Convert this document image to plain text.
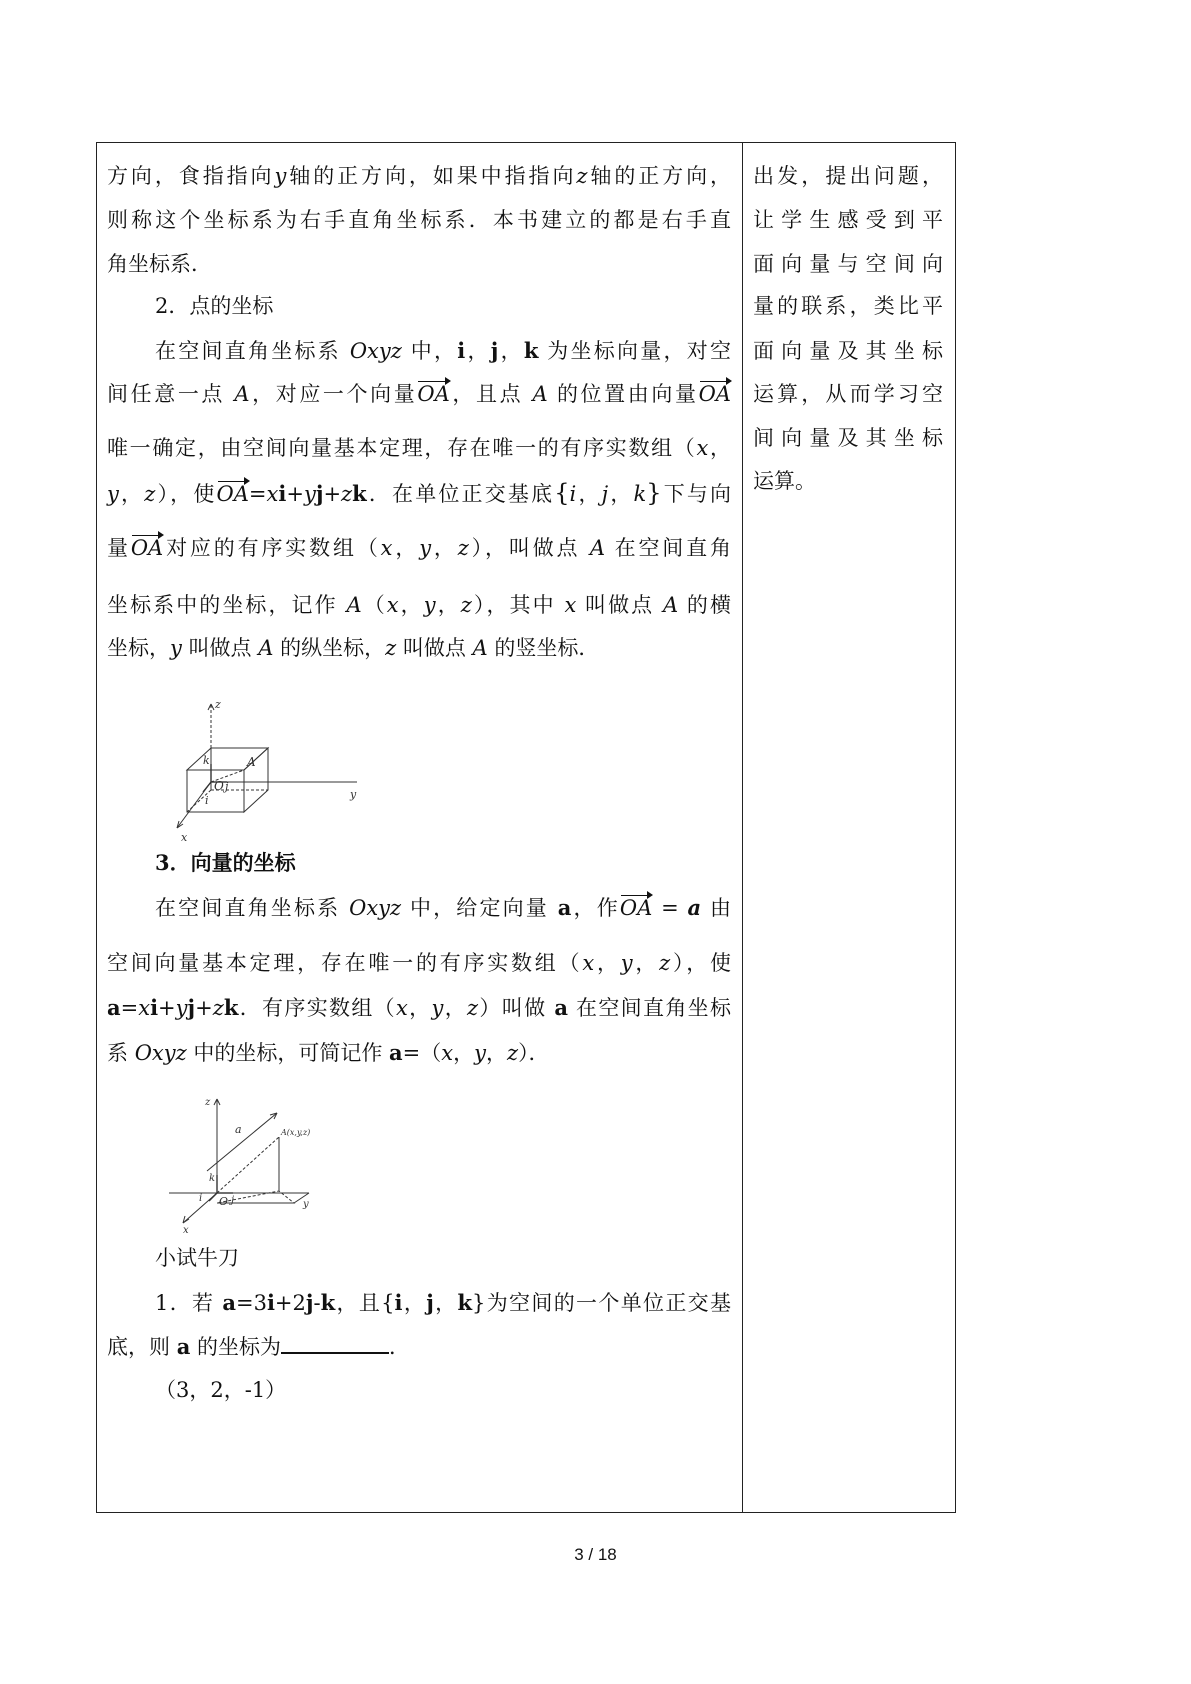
方向，食指指向y轴的正方向，如果中指指向z轴的正方向，
则称这个坐标系为右手直角坐标系．本书建立的都是右手直
角坐标系．
2．点的坐标
在空间直角坐标系 Oxyz 中，i，j，k 为坐标向量，对空
间任意一点 A，对应一个向量OA，且点 A 的位置由向量OA
唯一确定，由空间向量基本定理，存在唯一的有序实数组（x，
y，z），使OA=xi+yj+zk．在单位正交基底{i，j，k}下与向
量OA对应的有序实数组（x，y，z），叫做点 A 在空间直角
坐标系中的坐标，记作 A（x，y，z），其中 x 叫做点 A 的横
坐标，y 叫做点 A 的纵坐标，z 叫做点 A 的竖坐标．
z
y
x
A
k
O j
i
3．向量的坐标
在空间直角坐标系 Oxyz 中，给定向量 a，作OA = a 由
空间向量基本定理，存在唯一的有序实数组（x，y，z），使
a=xi+yj+zk．有序实数组（x，y，z）叫做 a 在空间直角坐标
系 Oxyz 中的坐标，可简记作 a=（x，y，z）．
z
y
x
a	A(x,y,z)
k
O j
i
小试牛刀
1．若 a=3i+2j-k，且{i，j，k}为空间的一个单位正交基
底，则 a 的坐标为	．
（3，2，-1）
出发，提出问题，
让学生感受到平
面向量与空间向
量的联系，类比平
面向量及其坐标
运算，从而学习空
间向量及其坐标
运算。
3 / 18
